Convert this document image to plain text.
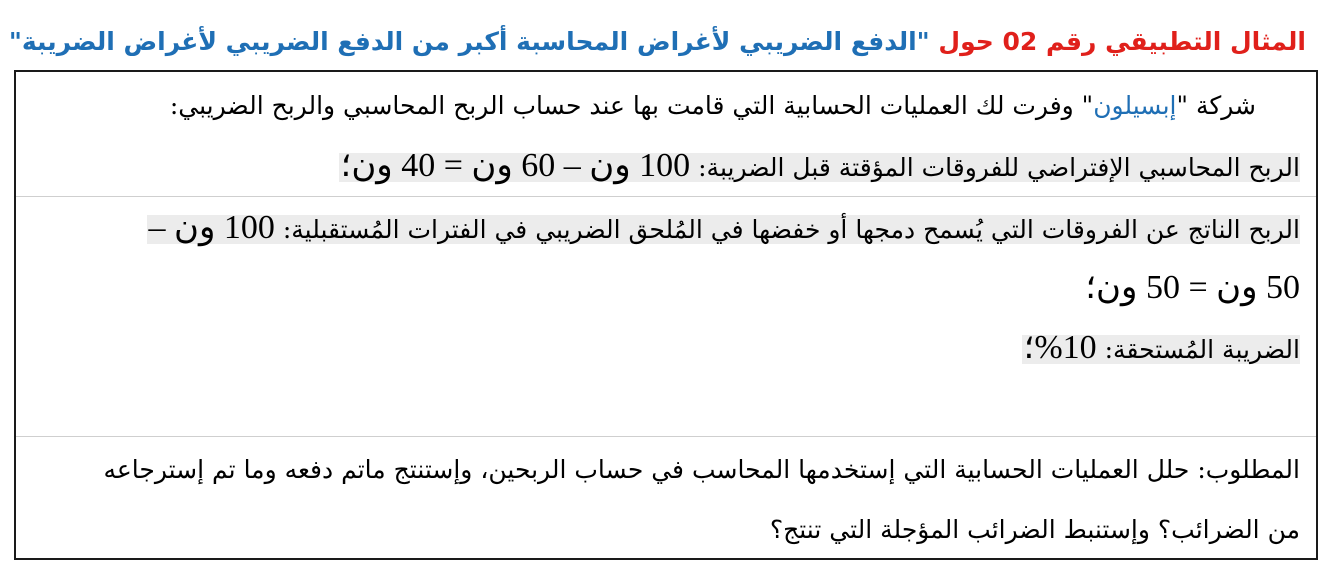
المثال التطبيقي رقم 02 حول "الدفع الضريبي لأغراض المحاسبة أكبر من الدفع الضريبي لأغراض الضريبة"
شركة "إبسيلون" وفرت لك العمليات الحسابية التي قامت بها عند حساب الربح المحاسبي والربح الضريبي:
الربح المحاسبي الإفتراضي للفروقات المؤقتة قبل الضريبة: 100 ون – 60 ون = 40 ون؛
الربح الناتج عن الفروقات التي يُسمح دمجها أو خفضها في المُلحق الضريبي في الفترات المُستقبلية: 100 ون –
50 ون = 50 ون؛
الضريبة المُستحقة: 10%؛
المطلوب: حلل العمليات الحسابية التي إستخدمها المحاسب في حساب الربحين، وإستنتج ماتم دفعه وما تم إسترجاعه
من الضرائب؟ وإستنبط الضرائب المؤجلة التي تنتج؟
